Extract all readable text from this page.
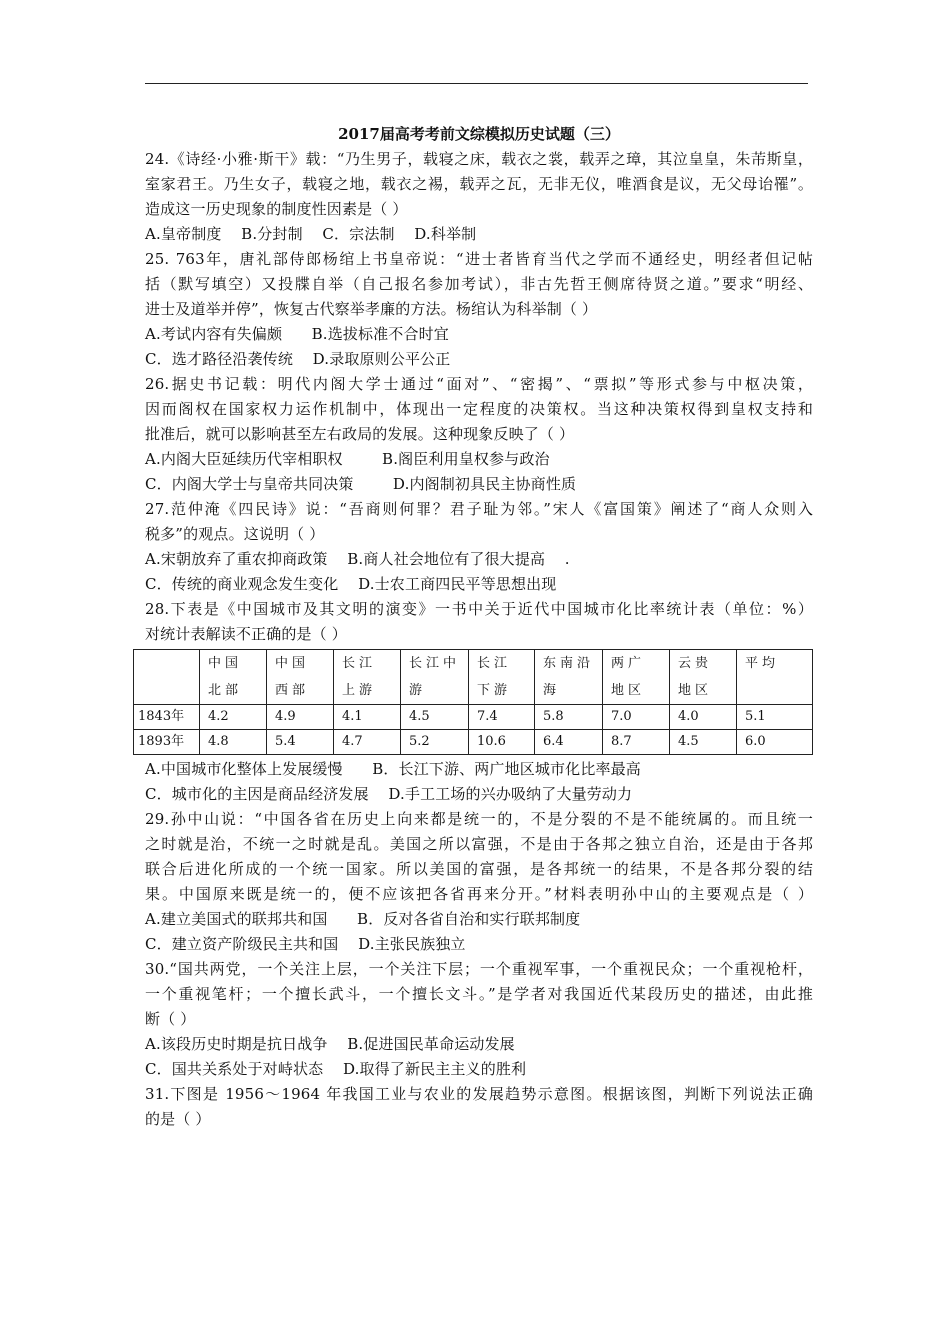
2017届高考考前文综模拟历史试题（三）

24.《诗经·小雅·斯干》载：“乃生男子，载寝之床，载衣之裳，载弄之璋，其泣皇皇，朱芾斯皇，

室家君王。乃生女子，载寝之地，载衣之裼，载弄之瓦，无非无仪，唯酒食是议，无父母诒罹”。

造成这一历史现象的制度性因素是（ ）

A.皇帝制度    B.分封制    C．宗法制    D.科举制

25. 763年，唐礼部侍郎杨绾上书皇帝说：“进士者皆育当代之学而不通经史，明经者但记帖

括（默写填空）又投牒自举（自己报名参加考试），非古先哲王侧席待贤之道。”要求“明经、

进士及道举并停”，恢复古代察举孝廉的方法。杨绾认为科举制（ ）

A.考试内容有失偏颇      B.选拔标准不合时宜

C．选才路径沿袭传统    D.录取原则公平公正

26.据史书记载：明代内阁大学士通过“面对”、“密揭”、“票拟”等形式参与中枢决策，

因而阁权在国家权力运作机制中，体现出一定程度的决策权。当这种决策权得到皇权支持和

批准后，就可以影响甚至左右政局的发展。这种现象反映了（ ）

A.内阁大臣延续历代宰相职权        B.阁臣利用皇权参与政治

C．内阁大学士与皇帝共同决策        D.内阁制初具民主协商性质

27.范仲淹《四民诗》说：“吾商则何罪？君子耻为邻。”宋人《富国策》阐述了“商人众则入

税多”的观点。这说明（ ）

A.宋朝放弃了重农抑商政策    B.商人社会地位有了很大提高    .

C．传统的商业观念发生变化    D.士农工商四民平等思想出现

28.下表是《中国城市及其文明的演变》一书中关于近代中国城市化比率统计表（单位：%）

对统计表解读不正确的是（ ）

	中国北部	中国西部	长江上游	长江中游	长江下游	东南沿海	两广地区	云贵地区	平均
1843年	4.2	4.9	4.1	4.5	7.4	5.8	7.0	4.0	5.1
1893年	4.8	5.4	4.7	5.2	10.6	6.4	8.7	4.5	6.0

A.中国城市化整体上发展缓慢      B．长江下游、两广地区城市化比率最高

C．城市化的主因是商品经济发展    D.手工工场的兴办吸纳了大量劳动力

29.孙中山说：“中国各省在历史上向来都是统一的，不是分裂的不是不能统属的。而且统一

之时就是治，不统一之时就是乱。美国之所以富强，不是由于各邦之独立自治，还是由于各邦

联合后进化所成的一个统一国家。所以美国的富强，是各邦统一的结果，不是各邦分裂的结

果。中国原来既是统一的，便不应该把各省再来分开。”材料表明孙中山的主要观点是（ ）

A.建立美国式的联邦共和国      B．反对各省自治和实行联邦制度

C．建立资产阶级民主共和国    D.主张民族独立

30.“国共两党，一个关注上层，一个关注下层；一个重视军事，一个重视民众；一个重视枪杆，

一个重视笔杆；一个擅长武斗，一个擅长文斗。”是学者对我国近代某段历史的描述，由此推

断（ ）

A.该段历史时期是抗日战争    B.促进国民革命运动发展

C．国共关系处于对峙状态    D.取得了新民主主义的胜利

31.下图是 1956～1964 年我国工业与农业的发展趋势示意图。根据该图，判断下列说法正确

的是（ ）
